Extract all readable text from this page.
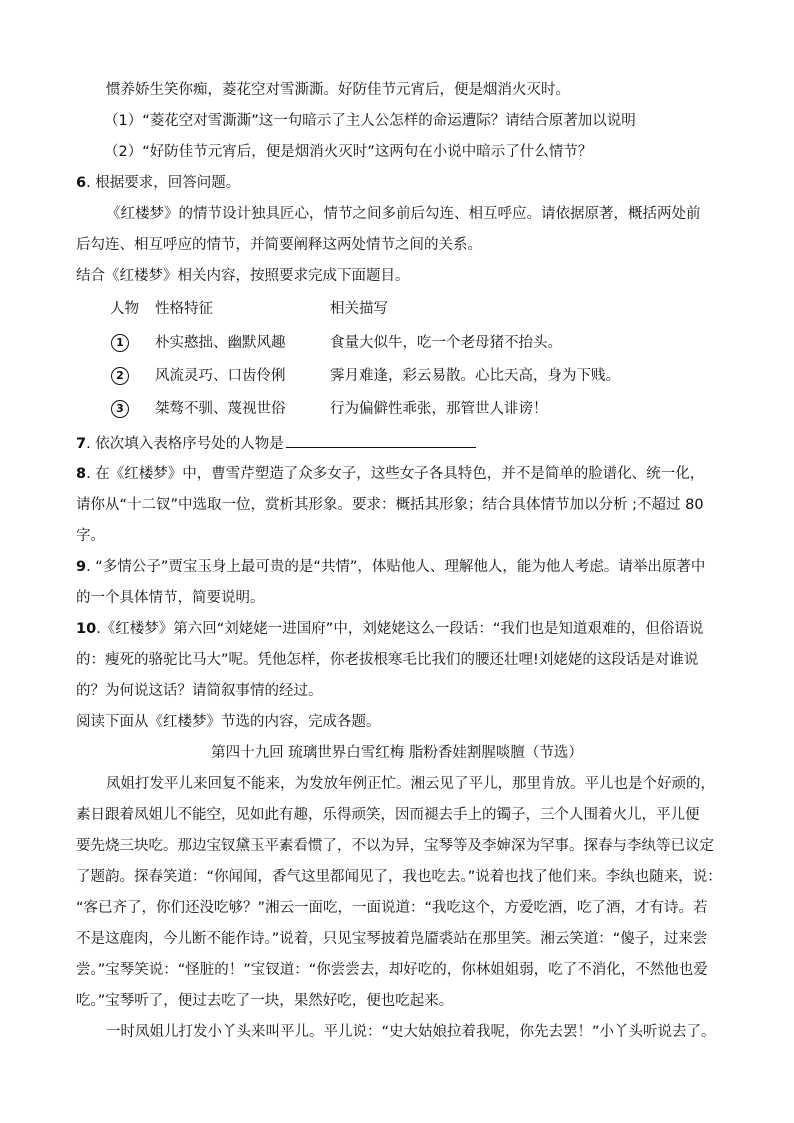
惯养娇生笑你痴，菱花空对雪澌澌。好防佳节元宵后，便是烟消火灭时。
（1）“菱花空对雪澌澌”这一句暗示了主人公怎样的命运遭际？请结合原著加以说明
（2）“好防佳节元宵后，便是烟消火灭时”这两句在小说中暗示了什么情节？
6. 根据要求，回答问题。
《红楼梦》的情节设计独具匠心，情节之间多前后勾连、相互呼应。请依据原著，概括两处前
后勾连、相互呼应的情节，并简要阐释这两处情节之间的关系。
结合《红楼梦》相关内容，按照要求完成下面题目。
人物 性格特征	相关描写
1	朴实憨拙、幽默风趣	食量大似牛，吃一个老母猪不抬头。
2	风流灵巧、口齿伶俐	霁月难逢，彩云易散。心比天高，身为下贱。
3	桀骜不驯、蔑视世俗	行为偏僻性乖张，那管世人诽谤！
7. 依次填入表格序号处的人物是
8. 在《红楼梦》中，曹雪芹塑造了众多女子，这些女子各具特色，并不是简单的脸谱化、统一化，
请你从“十二钗”中选取一位，赏析其形象。要求：概括其形象；结合具体情节加以分析 ;不超过 80
字。
9. “多情公子”贾宝玉身上最可贵的是“共情”，体贴他人、理解他人，能为他人考虑。请举出原著中
的一个具体情节，简要说明。
10.《红楼梦》第六回“刘姥姥一进国府”中，刘姥姥这么一段话：“我们也是知道艰难的，但俗语说
的：瘦死的骆驼比马大”呢。凭他怎样，你老拔根寒毛比我们的腰还壮哩!刘姥姥的这段话是对谁说
的？为何说这话？请简叙事情的经过。
阅读下面从《红楼梦》节选的内容，完成各题。
第四十九回 琉璃世界白雪红梅 脂粉香娃割腥啖膻（节选）
凤姐打发平儿来回复不能来，为发放年例正忙。湘云见了平儿，那里肯放。平儿也是个好顽的，
素日跟着凤姐儿不能空，见如此有趣，乐得顽笑，因而褪去手上的镯子，三个人围着火儿，平儿便
要先烧三块吃。那边宝钗黛玉平素看惯了，不以为异，宝琴等及李婶深为罕事。探春与李纨等已议定
了题韵。探春笑道：“你闻闻，香气这里都闻见了，我也吃去。”说着也找了他们来。李纨也随来，说：
“客已齐了，你们还没吃够？”湘云一面吃，一面说道：“我吃这个，方爱吃酒，吃了酒，才有诗。若
不是这鹿肉，今儿断不能作诗。”说着，只见宝琴披着凫靥裘站在那里笑。湘云笑道：“傻子，过来尝
尝。”宝琴笑说：“怪脏的！”宝钗道：“你尝尝去，却好吃的，你林姐姐弱，吃了不消化，不然他也爱
吃。”宝琴听了，便过去吃了一块，果然好吃，便也吃起来。
一时凤姐儿打发小丫头来叫平儿。平儿说：“史大姑娘拉着我呢，你先去罢！”小丫头听说去了。
